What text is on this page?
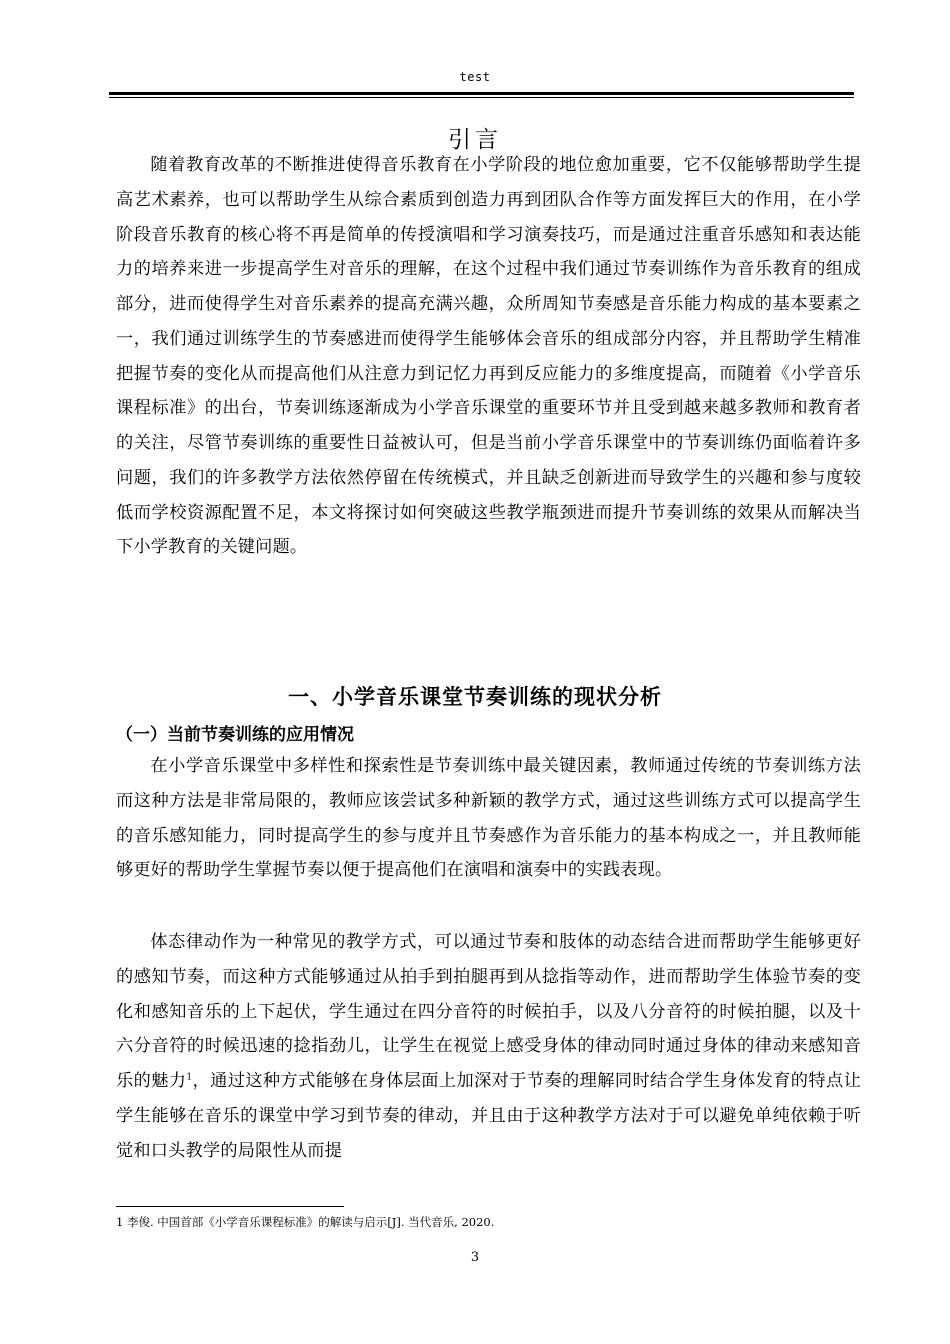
test
引言

随着教育改革的不断推进使得音乐教育在小学阶段的地位愈加重要，它不仅能够帮助学生提高艺术素养，也可以帮助学生从综合素质到创造力再到团队合作等方面发挥巨大的作用，在小学阶段音乐教育的核心将不再是简单的传授演唱和学习演奏技巧，而是通过注重音乐感知和表达能力的培养来进一步提高学生对音乐的理解，在这个过程中我们通过节奏训练作为音乐教育的组成部分，进而使得学生对音乐素养的提高充满兴趣，众所周知节奏感是音乐能力构成的基本要素之一，我们通过训练学生的节奏感进而使得学生能够体会音乐的组成部分内容，并且帮助学生精准把握节奏的变化从而提高他们从注意力到记忆力再到反应能力的多维度提高，而随着《小学音乐课程标准》的出台，节奏训练逐渐成为小学音乐课堂的重要环节并且受到越来越多教师和教育者的关注，尽管节奏训练的重要性日益被认可，但是当前小学音乐课堂中的节奏训练仍面临着许多问题，我们的许多教学方法依然停留在传统模式，并且缺乏创新进而导致学生的兴趣和参与度较低而学校资源配置不足，本文将探讨如何突破这些教学瓶颈进而提升节奏训练的效果从而解决当下小学教育的关键问题。

一、小学音乐课堂节奏训练的现状分析
（一）当前节奏训练的应用情况

在小学音乐课堂中多样性和探索性是节奏训练中最关键因素，教师通过传统的节奏训练方法而这种方法是非常局限的，教师应该尝试多种新颖的教学方式，通过这些训练方式可以提高学生的音乐感知能力，同时提高学生的参与度并且节奏感作为音乐能力的基本构成之一，并且教师能够更好的帮助学生掌握节奏以便于提高他们在演唱和演奏中的实践表现。

体态律动作为一种常见的教学方式，可以通过节奏和肢体的动态结合进而帮助学生能够更好的感知节奏，而这种方式能够通过从拍手到拍腿再到从捻指等动作，进而帮助学生体验节奏的变化和感知音乐的上下起伏，学生通过在四分音符的时候拍手，以及八分音符的时候拍腿，以及十六分音符的时候迅速的捻指劲儿，让学生在视觉上感受身体的律动同时通过身体的律动来感知音乐的魅力$^1$，通过这种方式能够在身体层面上加深对于节奏的理解同时结合学生身体发育的特点让学生能够在音乐的课堂中学习到节奏的律动，并且由于这种教学方法对于可以避免单纯依赖于听觉和口头教学的局限性从而提

1 李俊. 中国首部《小学音乐课程标准》的解读与启示[J]. 当代音乐, 2020.
3
